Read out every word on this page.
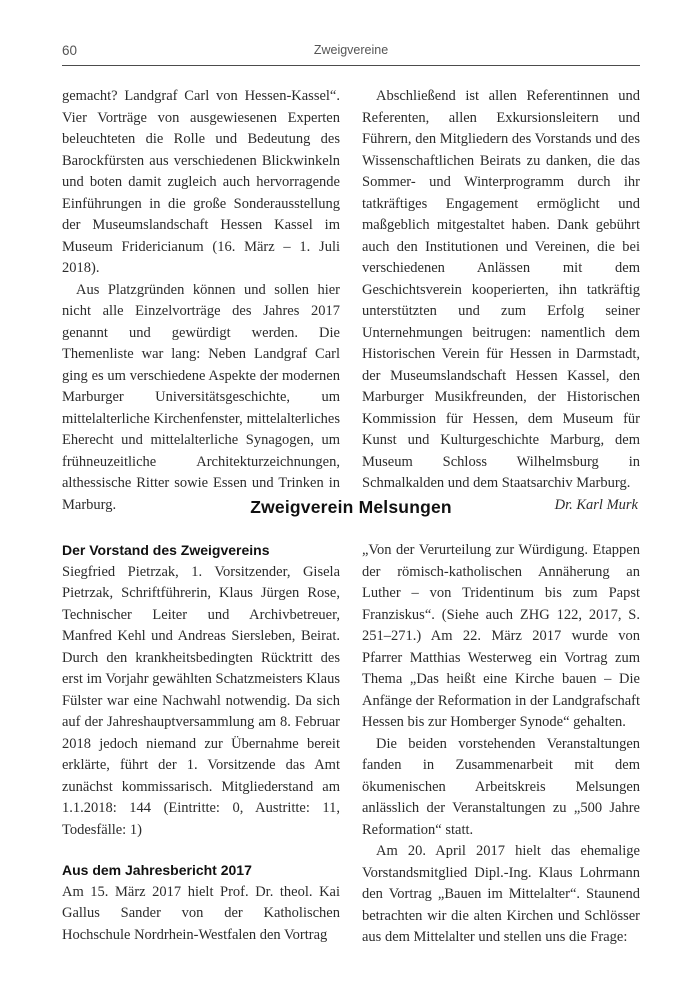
60	Zweigvereine

gemacht? Landgraf Carl von Hessen-Kassel“. Vier Vorträge von ausgewiesenen Experten beleuchteten die Rolle und Bedeutung des Barockfürsten aus verschiedenen Blickwinkeln und boten damit zugleich auch hervorragende Einführungen in die große Sonderausstellung der Museumslandschaft Hessen Kassel im Museum Fridericianum (16. März – 1. Juli 2018).

Aus Platzgründen können und sollen hier nicht alle Einzelvorträge des Jahres 2017 genannt und gewürdigt werden. Die Themenliste war lang: Neben Landgraf Carl ging es um verschiedene Aspekte der modernen Marburger Universitätsgeschichte, um mittelalterliche Kirchenfenster, mittelalterliches Eherecht und mittelalterliche Synagogen, um frühneuzeitliche Architekturzeichnungen, althessische Ritter sowie Essen und Trinken in Marburg.

Abschließend ist allen Referentinnen und Referenten, allen Exkursionsleitern und Führern, den Mitgliedern des Vorstands und des Wissenschaftlichen Beirats zu danken, die das Sommer- und Winterprogramm durch ihr tatkräftiges Engagement ermöglicht und maßgeblich mitgestaltet haben. Dank gebührt auch den Institutionen und Vereinen, die bei verschiedenen Anlässen mit dem Geschichtsverein kooperierten, ihn tatkräftig unterstützten und zum Erfolg seiner Unternehmungen beitrugen: namentlich dem Historischen Verein für Hessen in Darmstadt, der Museumslandschaft Hessen Kassel, den Marburger Musikfreunden, der Historischen Kommission für Hessen, dem Museum für Kunst und Kulturgeschichte Marburg, dem Museum Schloss Wilhelmsburg in Schmalkalden und dem Staatsarchiv Marburg.

Dr. Karl Murk

Zweigverein Melsungen
Der Vorstand des Zweigvereins

Siegfried Pietrzak, 1. Vorsitzender, Gisela Pietrzak, Schriftführerin, Klaus Jürgen Rose, Technischer Leiter und Archivbetreuer, Manfred Kehl und Andreas Siersleben, Beirat. Durch den krankheitsbedingten Rücktritt des erst im Vorjahr gewählten Schatzmeisters Klaus Fülster war eine Nachwahl notwendig. Da sich auf der Jahreshauptversammlung am 8. Februar 2018 jedoch niemand zur Übernahme bereit erklärte, führt der 1. Vorsitzende das Amt zunächst kommissarisch. Mitgliederstand am 1.1.2018: 144 (Eintritte: 0, Austritte: 11, Todesfälle: 1)

Aus dem Jahresbericht 2017

Am 15. März 2017 hielt Prof. Dr. theol. Kai Gallus Sander von der Katholischen Hochschule Nordrhein-Westfalen den Vortrag

„Von der Verurteilung zur Würdigung. Etappen der römisch-katholischen Annäherung an Luther – von Tridentinum bis zum Papst Franziskus“. (Siehe auch ZHG 122, 2017, S. 251–271.) Am 22. März 2017 wurde von Pfarrer Matthias Westerweg ein Vortrag zum Thema „Das heißt eine Kirche bauen – Die Anfänge der Reformation in der Landgrafschaft Hessen bis zur Homberger Synode“ gehalten.

Die beiden vorstehenden Veranstaltungen fanden in Zusammenarbeit mit dem ökumenischen Arbeitskreis Melsungen anlässlich der Veranstaltungen zu „500 Jahre Reformation“ statt.

Am 20. April 2017 hielt das ehemalige Vorstandsmitglied Dipl.-Ing. Klaus Lohrmann den Vortrag „Bauen im Mittelalter“. Staunend betrachten wir die alten Kirchen und Schlösser aus dem Mittelalter und stellen uns die Frage:
